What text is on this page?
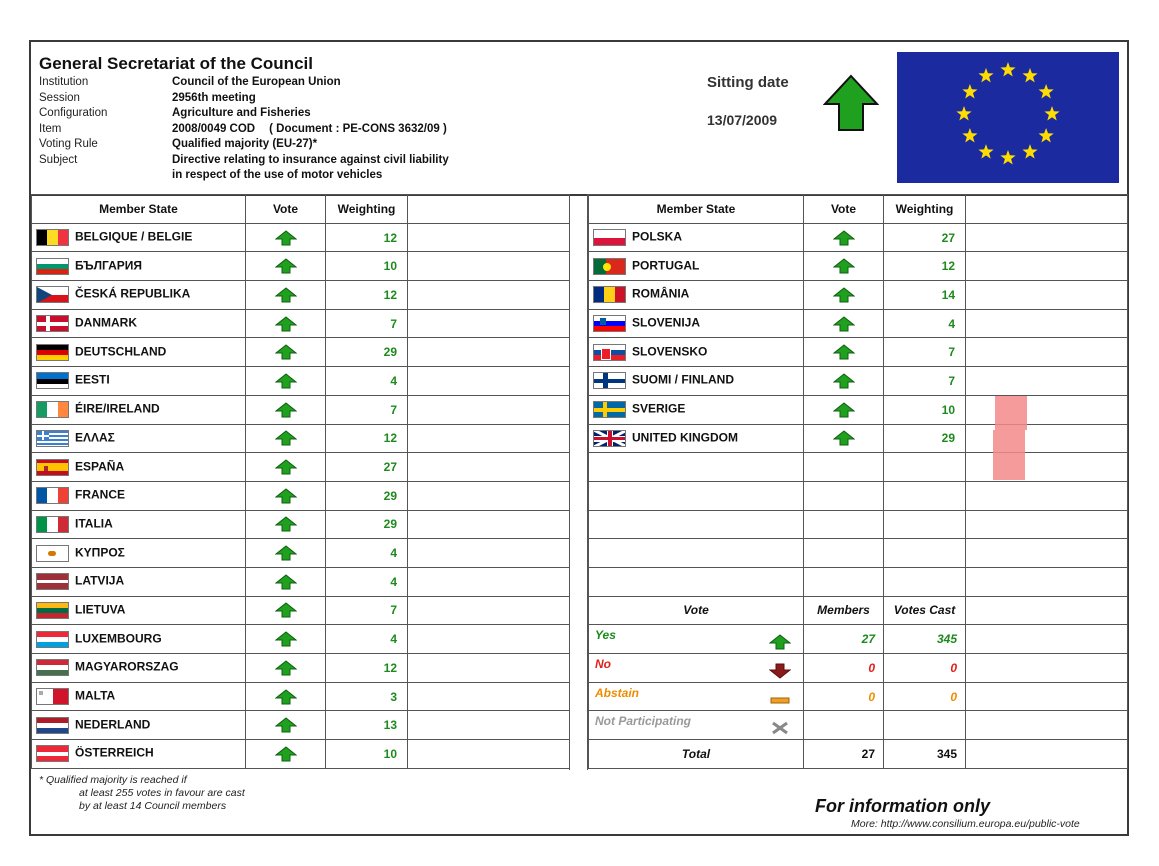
General Secretariat of the Council
Institution	Council of the European Union
Session	2956th meeting
Configuration	Agriculture and Fisheries
Item	2008/0049 COD ( Document : PE-CONS 3632/09 )
Voting Rule	Qualified majority (EU-27)*
Subject	Directive relating to insurance against civil liability
in respect of the use of motor vehicles
Sitting date
13/07/2009
Member State	Vote	Weighting	

BELGIQUE / BELGIE		12	

БЪЛГАРИЯ		10	

ČESKÁ REPUBLIKA		12	

DANMARK		7	

DEUTSCHLAND		29	

EESTI		4	

ÉIRE/IRELAND		7	

ΕΛΛΑΣ		12	

ESPAÑA		27	

FRANCE		29	

ITALIA		29	

ΚΥΠΡΟΣ		4	

LATVIJA		4	

LIETUVA		7	

LUXEMBOURG		4	

MAGYARORSZAG		12	

MALTA		3	

NEDERLAND		13	

ÖSTERREICH		10	
Member State	Vote	Weighting	

POLSKA		27	

PORTUGAL		12	

ROMÂNIA		14	

SLOVENIJA		4	

SLOVENSKO		7	

SUOMI / FINLAND		7	

SVERIGE		10	

UNITED KINGDOM		29	

Vote	Members	Votes Cast	
Yes	27	345	
No	0	0	
Abstain	0	0	
Not Participating

Total	27	345	
* Qualified majority is reached if
at least 255 votes in favour are cast
by at least 14 Council members	For information only
More: http://www.consilium.europa.eu/public-vote
